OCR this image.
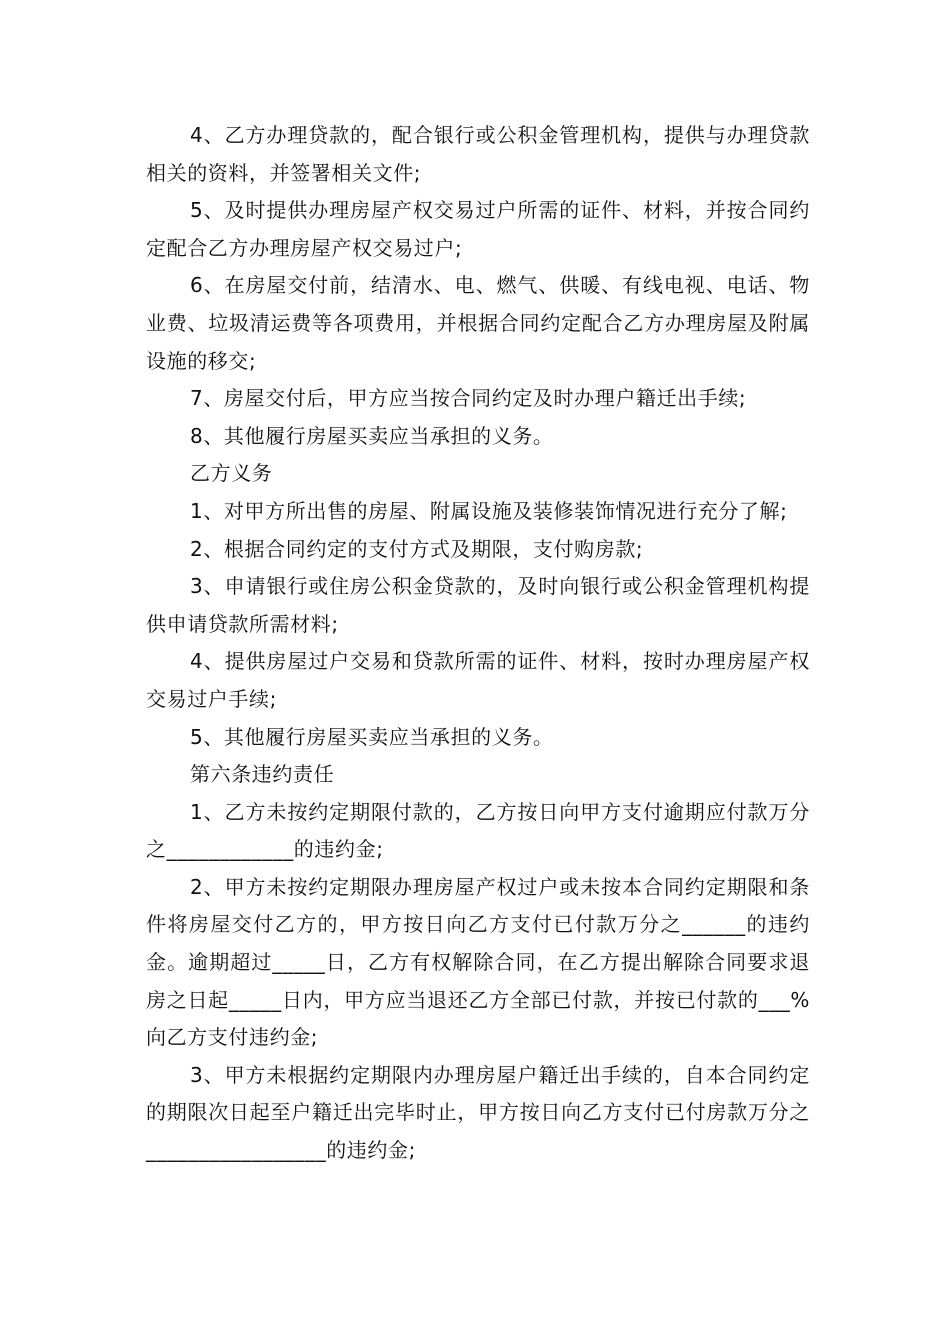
4、乙方办理贷款的，配合银行或公积金管理机构，提供与办理贷款相关的资料，并签署相关文件;

5、及时提供办理房屋产权交易过户所需的证件、材料，并按合同约定配合乙方办理房屋产权交易过户;

6、在房屋交付前，结清水、电、燃气、供暖、有线电视、电话、物业费、垃圾清运费等各项费用，并根据合同约定配合乙方办理房屋及附属设施的移交;

7、房屋交付后，甲方应当按合同约定及时办理户籍迁出手续;

8、其他履行房屋买卖应当承担的义务。

乙方义务

1、对甲方所出售的房屋、附属设施及装修装饰情况进行充分了解;

2、根据合同约定的支付方式及期限，支付购房款;

3、申请银行或住房公积金贷款的，及时向银行或公积金管理机构提供申请贷款所需材料;

4、提供房屋过户交易和贷款所需的证件、材料，按时办理房屋产权交易过户手续;

5、其他履行房屋买卖应当承担的义务。

第六条违约责任

1、乙方未按约定期限付款的，乙方按日向甲方支付逾期应付款万分之____________的违约金;

2、甲方未按约定期限办理房屋产权过户或未按本合同约定期限和条件将房屋交付乙方的，甲方按日向乙方支付已付款万分之______的违约金。逾期超过_____日，乙方有权解除合同，在乙方提出解除合同要求退房之日起_____日内，甲方应当退还乙方全部已付款，并按已付款的___%向乙方支付违约金;

3、甲方未根据约定期限内办理房屋户籍迁出手续的，自本合同约定的期限次日起至户籍迁出完毕时止，甲方按日向乙方支付已付房款万分之_________________的违约金;
